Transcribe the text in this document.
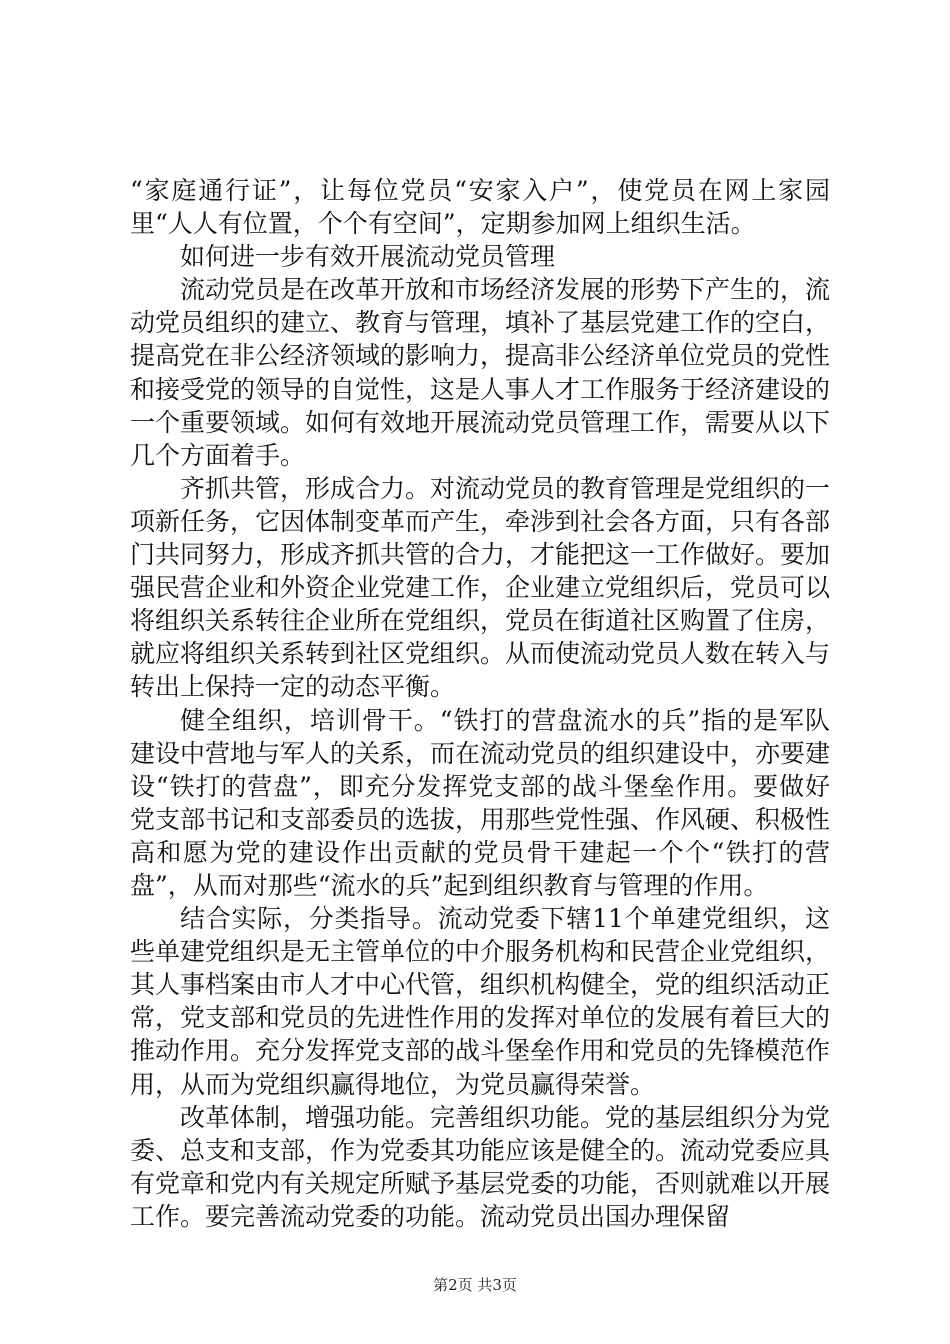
“家庭通行证”，让每位党员“安家入户”，使党员在网上家园里“人人有位置，个个有空间”，定期参加网上组织生活。

如何进一步有效开展流动党员管理

流动党员是在改革开放和市场经济发展的形势下产生的，流动党员组织的建立、教育与管理，填补了基层党建工作的空白，提高党在非公经济领域的影响力，提高非公经济单位党员的党性和接受党的领导的自觉性，这是人事人才工作服务于经济建设的一个重要领域。如何有效地开展流动党员管理工作，需要从以下几个方面着手。

齐抓共管，形成合力。对流动党员的教育管理是党组织的一项新任务，它因体制变革而产生，牵涉到社会各方面，只有各部门共同努力，形成齐抓共管的合力，才能把这一工作做好。要加强民营企业和外资企业党建工作，企业建立党组织后，党员可以将组织关系转往企业所在党组织，党员在街道社区购置了住房，就应将组织关系转到社区党组织。从而使流动党员人数在转入与转出上保持一定的动态平衡。

健全组织，培训骨干。“铁打的营盘流水的兵”指的是军队建设中营地与军人的关系，而在流动党员的组织建设中，亦要建设“铁打的营盘”，即充分发挥党支部的战斗堡垒作用。要做好党支部书记和支部委员的选拔，用那些党性强、作风硬、积极性高和愿为党的建设作出贡献的党员骨干建起一个个“铁打的营盘”，从而对那些“流水的兵”起到组织教育与管理的作用。

结合实际，分类指导。流动党委下辖11个单建党组织，这些单建党组织是无主管单位的中介服务机构和民营企业党组织，其人事档案由市人才中心代管，组织机构健全，党的组织活动正常，党支部和党员的先进性作用的发挥对单位的发展有着巨大的推动作用。充分发挥党支部的战斗堡垒作用和党员的先锋模范作用，从而为党组织赢得地位，为党员赢得荣誉。

改革体制，增强功能。完善组织功能。党的基层组织分为党委、总支和支部，作为党委其功能应该是健全的。流动党委应具有党章和党内有关规定所赋予基层党委的功能，否则就难以开展工作。要完善流动党委的功能。流动党员出国办理保留

第2页 共3页
